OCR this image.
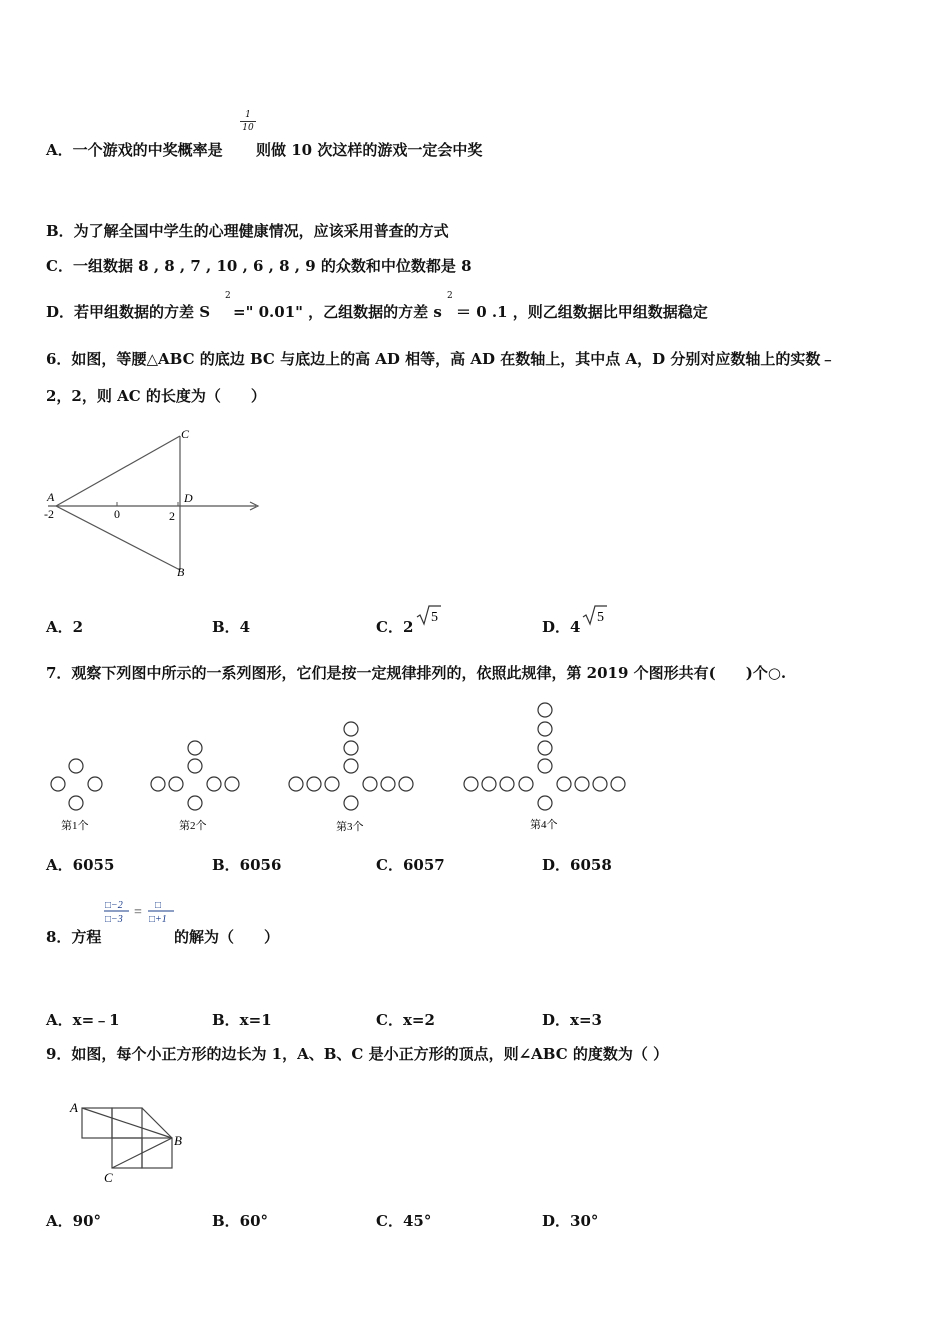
A．一个游戏的中奖概率是
1
10
则做 10 次这样的游戏一定会中奖
B．为了解全国中学生的心理健康情况，应该采用普查的方式
C．一组数据 8 , 8 , 7 , 10 , 6 , 8 , 9 的众数和中位数都是 8
D．若甲组数据的方差 S
2
=" 0.01" ，乙组数据的方差 s
2
＝ 0 .1 ，则乙组数据比甲组数据稳定
6．如图，等腰△ABC 的底边 BC 与底边上的高 AD 相等，高 AD 在数轴上，其中点 A，D 分别对应数轴上的实数﹣
2，2，则 AC 的长度为（　　）
A
C
D
B
-2	0	2
A．2	B．4	C．2
5
D．4
5
7．观察下列图中所示的一系列图形，它们是按一定规律排列的，依照此规律，第 2019 个图形共有(　　)个○.
第1个	第2个	第3个	第4个
A．6055	B．6056	C．6057	D．6058
□−2
□−3
□
□+1
=
8．方程	的解为（　　）
A．x=﹣1	B．x=1	C．x=2	D．x=3
9．如图，每个小正方形的边长为 1，A、B、C 是小正方形的顶点，则∠ABC 的度数为（ ）
A
B
C
A．90°	B．60°	C．45°	D．30°
